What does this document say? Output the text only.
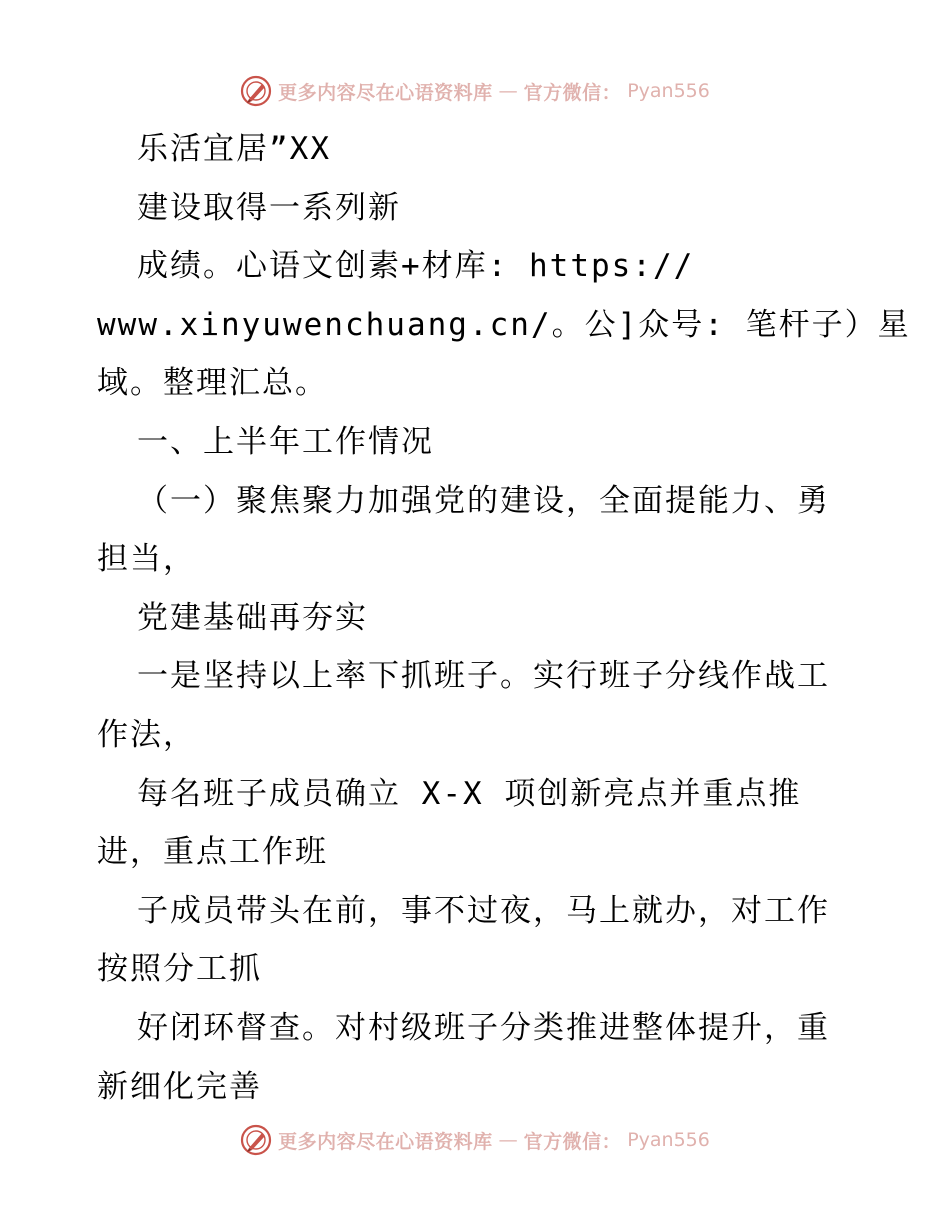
更多内容尽在心语资料库 — 官方微信： Pyan556
乐活宜居”XX
建设取得一系列新
成绩。心语文创素+材库: https://
www.xinyuwenchuang.cn/。公]众号: 笔杆子）星
域。整理汇总。
一、上半年工作情况
（一）聚焦聚力加强党的建设，全面提能力、勇
担当，
党建基础再夯实
一是坚持以上率下抓班子。实行班子分线作战工
作法，
每名班子成员确立 X-X 项创新亮点并重点推
进，重点工作班
子成员带头在前，事不过夜，马上就办，对工作
按照分工抓
好闭环督查。对村级班子分类推进整体提升，重
新细化完善
更多内容尽在心语资料库 — 官方微信： Pyan556
